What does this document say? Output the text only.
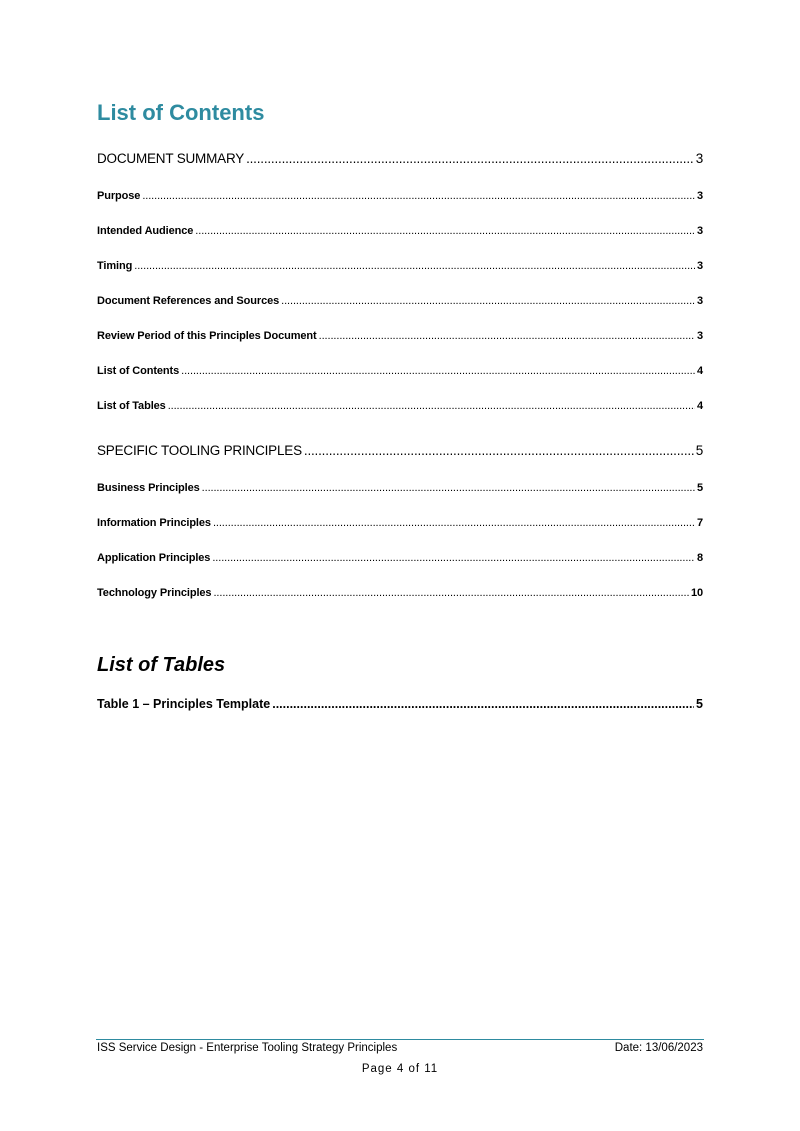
List of Contents
DOCUMENT SUMMARY .....	3
Purpose .....	3
Intended Audience .....	3
Timing .....	3
Document References and Sources .....	3
Review Period of this Principles Document .....	3
List of Contents .....	4
List of Tables .....	4
SPECIFIC TOOLING PRINCIPLES .....	5
Business Principles .....	5
Information Principles .....	7
Application Principles .....	8
Technology Principles .....	10
List of Tables
Table 1 – Principles Template .....	5
ISS Service Design - Enterprise Tooling Strategy Principles	Date: 13/06/2023
Page 4 of 11
